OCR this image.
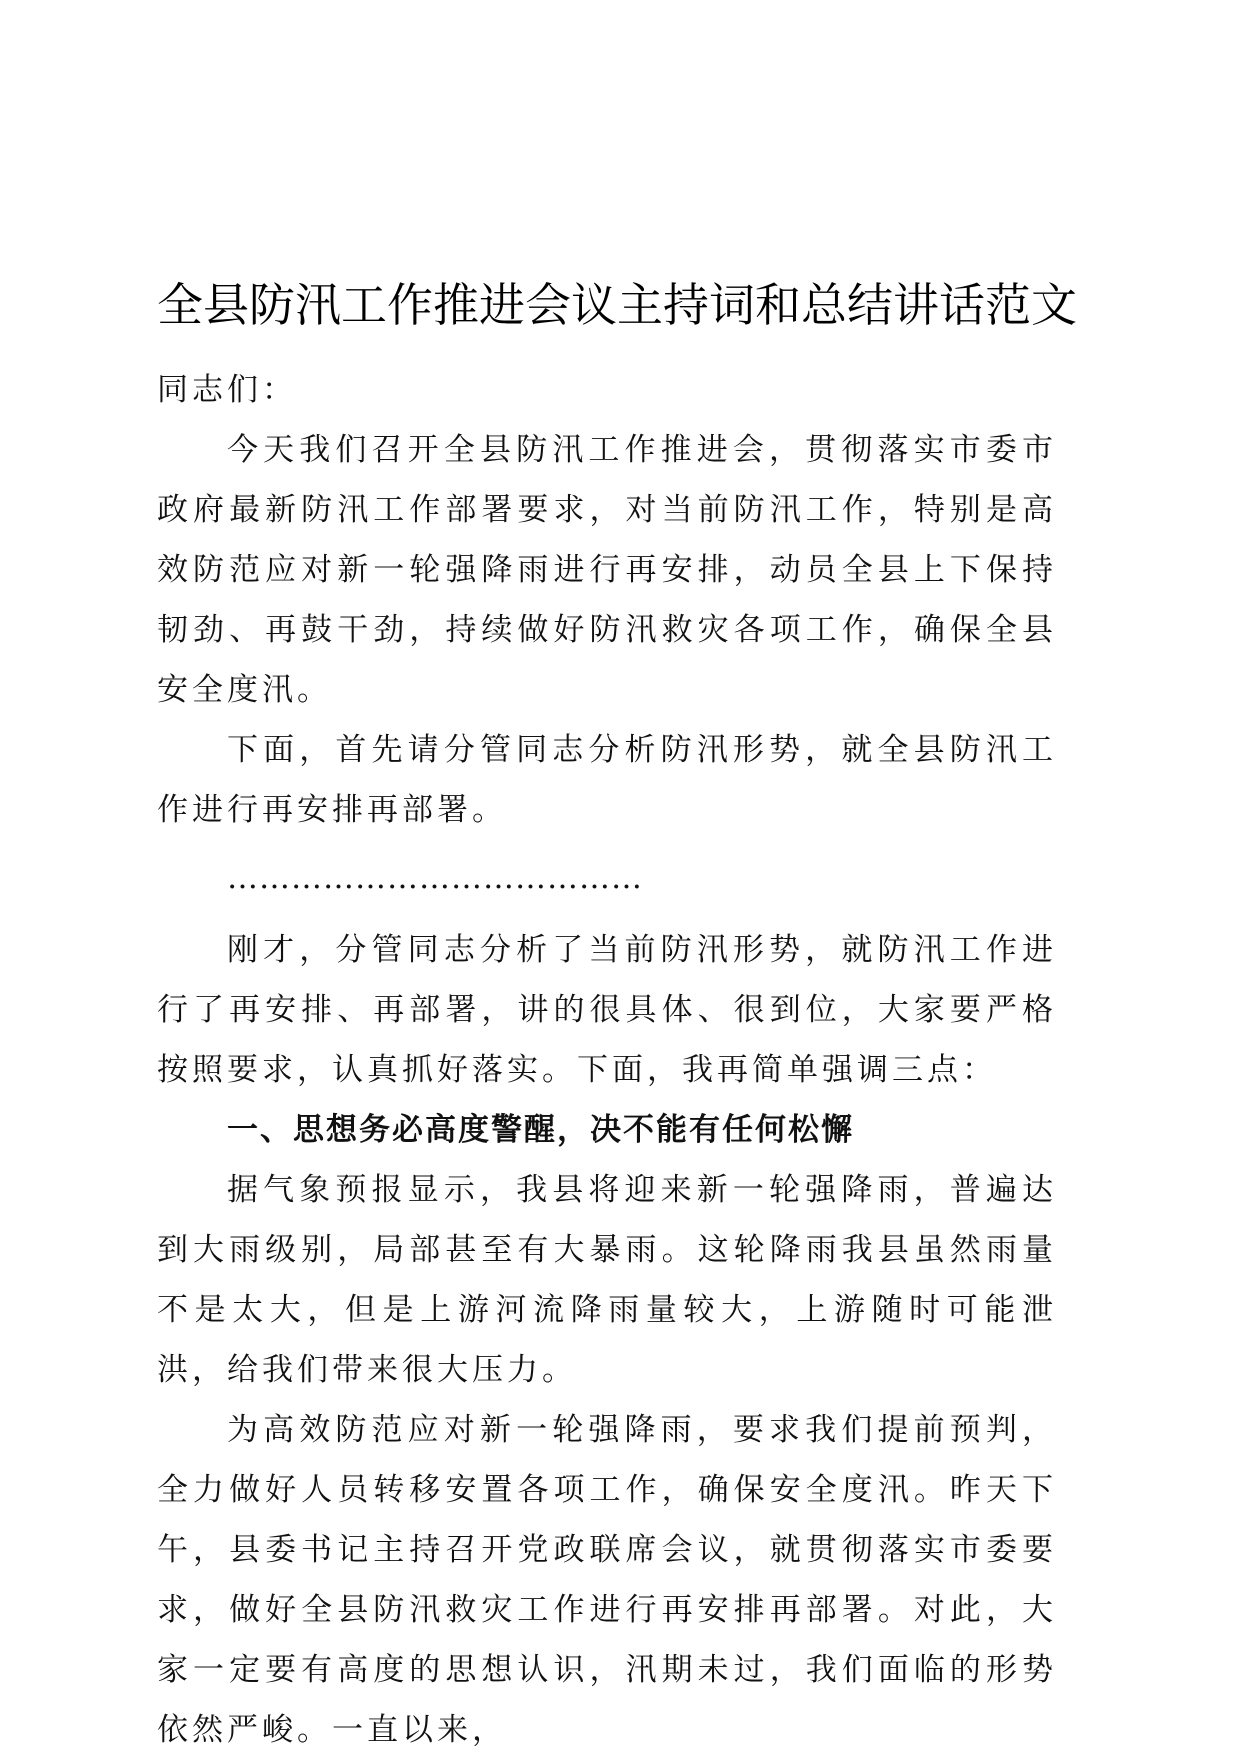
全县防汛工作推进会议主持词和总结讲话范文

同志们：

今天我们召开全县防汛工作推进会，贯彻落实市委市政府最新防汛工作部署要求，对当前防汛工作，特别是高效防范应对新一轮强降雨进行再安排，动员全县上下保持韧劲、再鼓干劲，持续做好防汛救灾各项工作，确保全县安全度汛。

下面，首先请分管同志分析防汛形势，就全县防汛工作进行再安排再部署。

…………………………………

刚才，分管同志分析了当前防汛形势，就防汛工作进行了再安排、再部署，讲的很具体、很到位，大家要严格按照要求，认真抓好落实。下面，我再简单强调三点：

一、思想务必高度警醒，决不能有任何松懈

据气象预报显示，我县将迎来新一轮强降雨，普遍达到大雨级别，局部甚至有大暴雨。这轮降雨我县虽然雨量不是太大，但是上游河流降雨量较大，上游随时可能泄洪，给我们带来很大压力。

为高效防范应对新一轮强降雨，要求我们提前预判，全力做好人员转移安置各项工作，确保安全度汛。昨天下午，县委书记主持召开党政联席会议，就贯彻落实市委要求，做好全县防汛救灾工作进行再安排再部署。对此，大家一定要有高度的思想认识，汛期未过，我们面临的形势依然严峻。一直以来，
